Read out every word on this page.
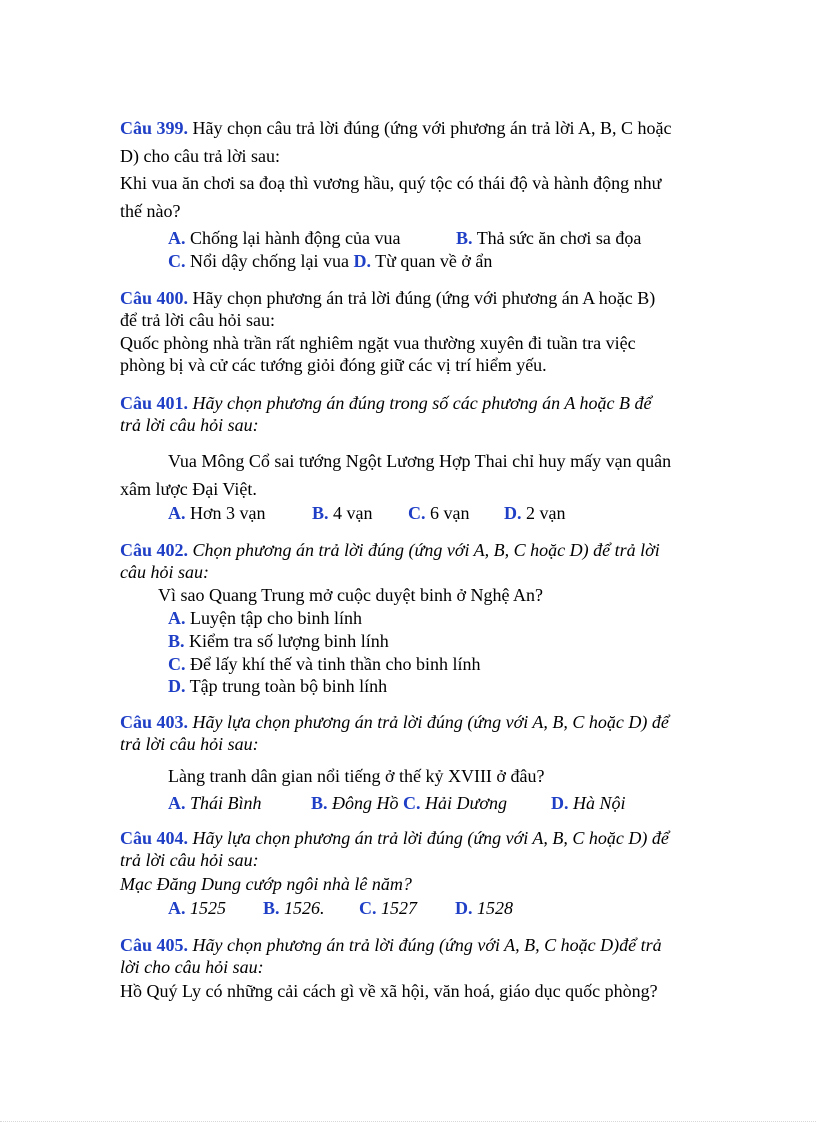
Câu 399. Hãy chọn câu trả lời đúng (ứng với phương án trả lời A, B, C hoặc
D) cho câu trả lời sau:
Khi vua ăn chơi sa đoạ thì vương hầu, quý tộc có thái độ và hành động như
thế nào?
A. Chống lại hành động của vua	B. Thả sức ăn chơi sa đọa
C. Nổi dậy chống lại vua D. Từ quan về ở ẩn
Câu 400. Hãy chọn phương án trả lời đúng (ứng với phương án A hoặc B)
để trả lời câu hỏi sau:
Quốc phòng nhà trần rất nghiêm ngặt vua thường xuyên đi tuần tra việc
phòng bị và cử các tướng giỏi đóng giữ các vị trí hiểm yếu.
Câu 401. Hãy chọn phương án đúng trong số các phương án A hoặc B để
trả lời câu hỏi sau:
Vua Mông Cổ sai tướng Ngột Lương Hợp Thai chỉ huy mấy vạn quân
xâm lược Đại Việt.
A. Hơn 3 vạn	B. 4 vạn C. 6 vạn D. 2 vạn
Câu 402. Chọn phương án trả lời đúng (ứng với A, B, C hoặc D) để trả lời
câu hỏi sau:
Vì sao Quang Trung mở cuộc duyệt binh ở Nghệ An?
A. Luyện tập cho binh lính
B. Kiểm tra số lượng binh lính
C. Để lấy khí thế và tinh thần cho binh lính
D. Tập trung toàn bộ binh lính
Câu 403. Hãy lựa chọn phương án trả lời đúng (ứng với A, B, C hoặc D) để
trả lời câu hỏi sau:
Làng tranh dân gian nổi tiếng ở thế kỷ XVIII ở đâu?
A. Thái Bình	B. Đông Hồ C. Hải Dương D. Hà Nội
Câu 404. Hãy lựa chọn phương án trả lời đúng (ứng với A, B, C hoặc D) để
trả lời câu hỏi sau:
Mạc Đăng Dung cướp ngôi nhà lê năm?
A. 1525 B. 1526. C. 1527 D. 1528
Câu 405. Hãy chọn phương án trả lời đúng (ứng với A, B, C hoặc D)để trả
lời cho câu hỏi sau:
Hồ Quý Ly có những cải cách gì về xã hội, văn hoá, giáo dục quốc phòng?
